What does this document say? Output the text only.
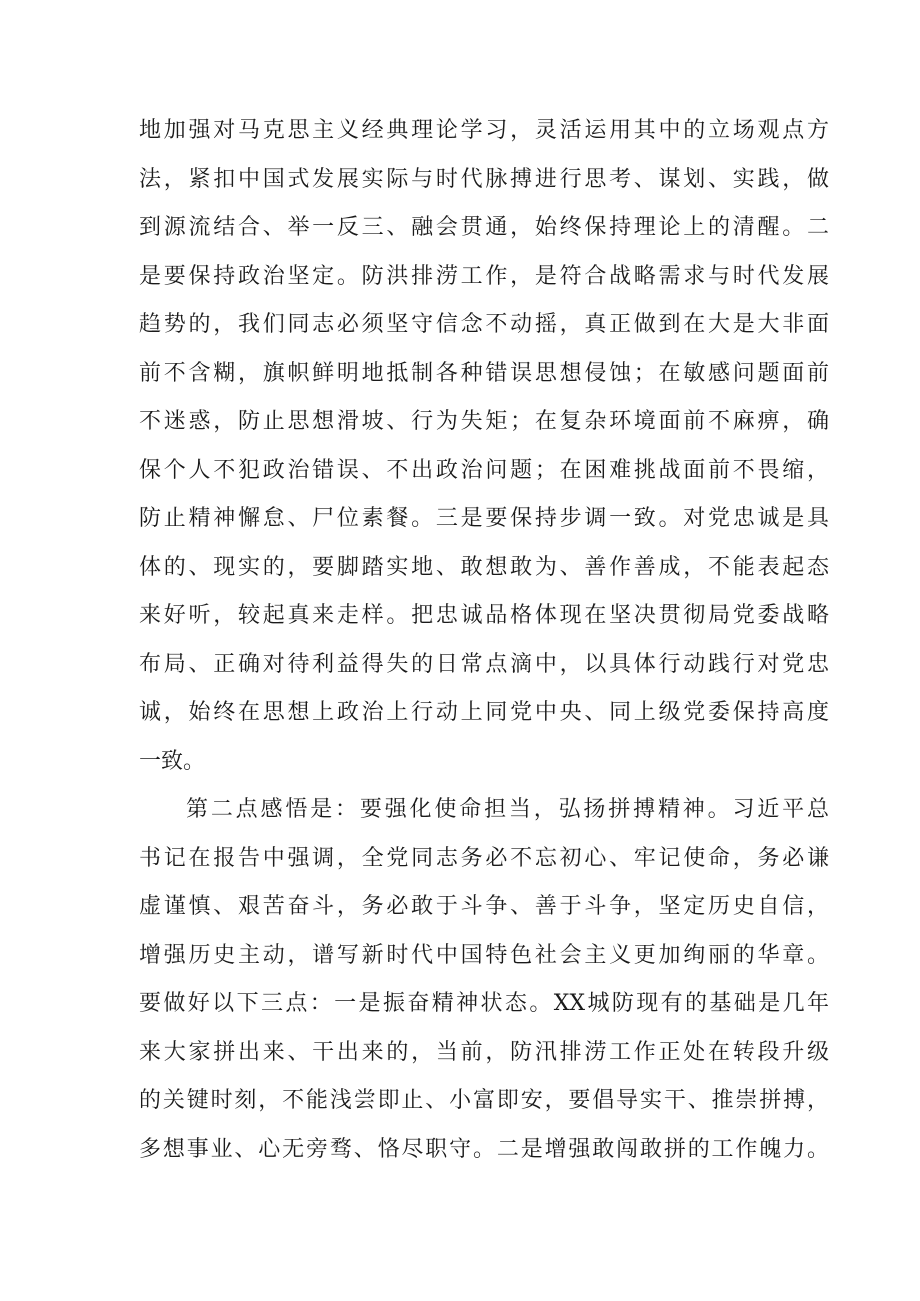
地加强对马克思主义经典理论学习，灵活运用其中的立场观点方
法，紧扣中国式发展实际与时代脉搏进行思考、谋划、实践，做
到源流结合、举一反三、融会贯通，始终保持理论上的清醒。二
是要保持政治坚定。防洪排涝工作，是符合战略需求与时代发展
趋势的，我们同志必须坚守信念不动摇，真正做到在大是大非面
前不含糊，旗帜鲜明地抵制各种错误思想侵蚀；在敏感问题面前
不迷惑，防止思想滑坡、行为失矩；在复杂环境面前不麻痹，确
保个人不犯政治错误、不出政治问题；在困难挑战面前不畏缩，
防止精神懈怠、尸位素餐。三是要保持步调一致。对党忠诚是具
体的、现实的，要脚踏实地、敢想敢为、善作善成，不能表起态
来好听，较起真来走样。把忠诚品格体现在坚决贯彻局党委战略
布局、正确对待利益得失的日常点滴中，以具体行动践行对党忠
诚，始终在思想上政治上行动上同党中央、同上级党委保持高度
一致。
第二点感悟是：要强化使命担当，弘扬拼搏精神。习近平总
书记在报告中强调，全党同志务必不忘初心、牢记使命，务必谦
虚谨慎、艰苦奋斗，务必敢于斗争、善于斗争，坚定历史自信，
增强历史主动，谱写新时代中国特色社会主义更加绚丽的华章。
要做好以下三点：一是振奋精神状态。XX城防现有的基础是几年
来大家拼出来、干出来的，当前，防汛排涝工作正处在转段升级
的关键时刻，不能浅尝即止、小富即安，要倡导实干、推崇拼搏，
多想事业、心无旁骛、恪尽职守。二是增强敢闯敢拼的工作魄力。
